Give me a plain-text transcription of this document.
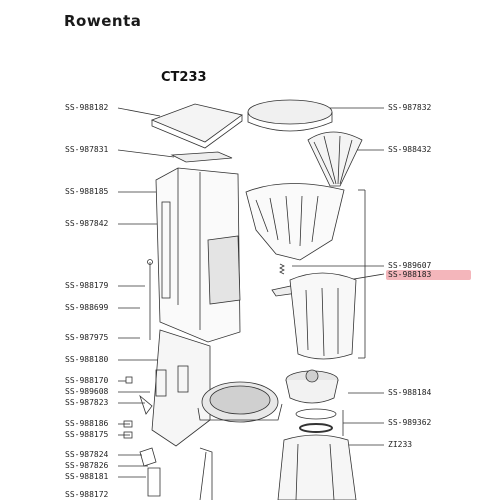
Rowenta
CT233
SS-988182
SS-987831
SS-988185
SS-987842
SS-988179
SS-988699
SS-987975
SS-988180
SS-988170
SS-989608
SS-987823
SS-988186
SS-988175
SS-987824
SS-987826
SS-988181
SS-988172
SS-987832
SS-988432
SS-989607
SS-988183
SS-988184
SS-989362
ZI233
